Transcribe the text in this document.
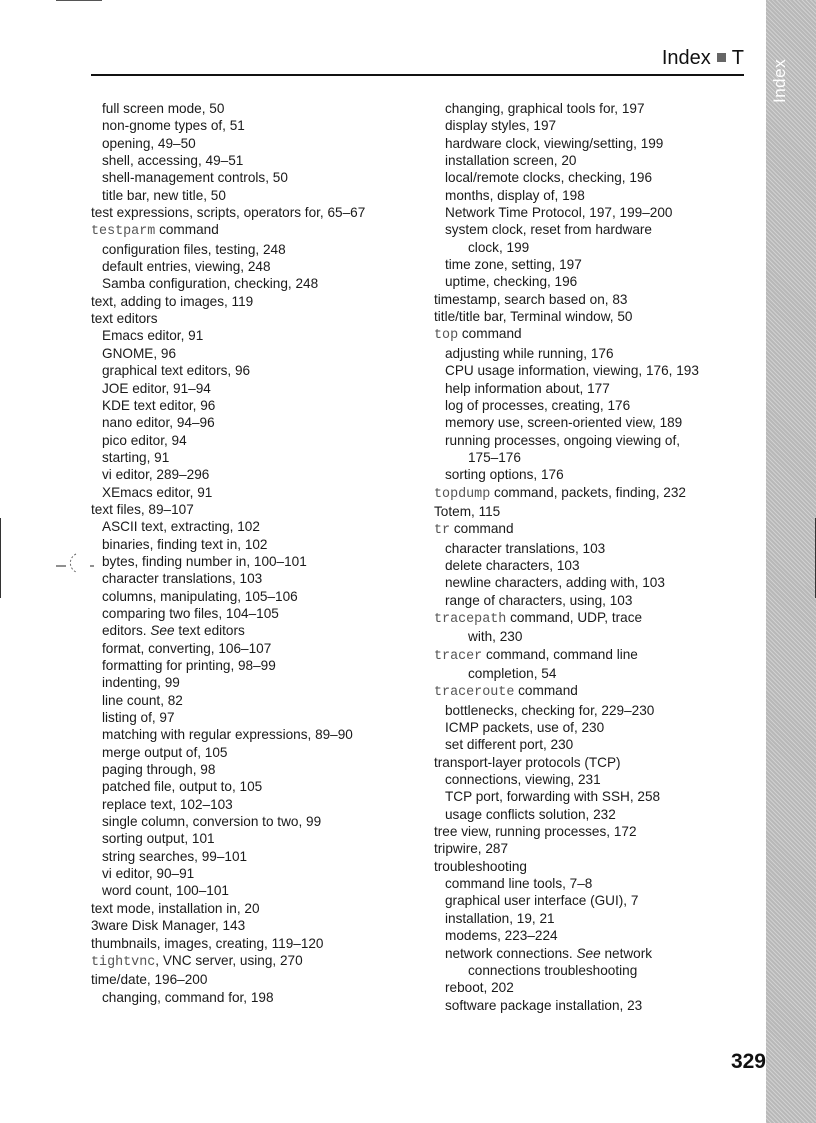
Index
Index T
full screen mode, 50
non-gnome types of, 51
opening, 49–50
shell, accessing, 49–51
shell-management controls, 50
title bar, new title, 50
test expressions, scripts, operators for, 65–67
testparm command
configuration files, testing, 248
default entries, viewing, 248
Samba configuration, checking, 248
text, adding to images, 119
text editors
Emacs editor, 91
GNOME, 96
graphical text editors, 96
JOE editor, 91–94
KDE text editor, 96
nano editor, 94–96
pico editor, 94
starting, 91
vi editor, 289–296
XEmacs editor, 91
text files, 89–107
ASCII text, extracting, 102
binaries, finding text in, 102
bytes, finding number in, 100–101
character translations, 103
columns, manipulating, 105–106
comparing two files, 104–105
editors. See text editors
format, converting, 106–107
formatting for printing, 98–99
indenting, 99
line count, 82
listing of, 97
matching with regular expressions, 89–90
merge output of, 105
paging through, 98
patched file, output to, 105
replace text, 102–103
single column, conversion to two, 99
sorting output, 101
string searches, 99–101
vi editor, 90–91
word count, 100–101
text mode, installation in, 20
3ware Disk Manager, 143
thumbnails, images, creating, 119–120
tightvnc, VNC server, using, 270
time/date, 196–200
changing, command for, 198
changing, graphical tools for, 197
display styles, 197
hardware clock, viewing/setting, 199
installation screen, 20
local/remote clocks, checking, 196
months, display of, 198
Network Time Protocol, 197, 199–200
system clock, reset from hardware
clock, 199
time zone, setting, 197
uptime, checking, 196
timestamp, search based on, 83
title/title bar, Terminal window, 50
top command
adjusting while running, 176
CPU usage information, viewing, 176, 193
help information about, 177
log of processes, creating, 176
memory use, screen-oriented view, 189
running processes, ongoing viewing of,
175–176
sorting options, 176
topdump command, packets, finding, 232
Totem, 115
tr command
character translations, 103
delete characters, 103
newline characters, adding with, 103
range of characters, using, 103
tracepath command, UDP, trace
with, 230
tracer command, command line
completion, 54
traceroute command
bottlenecks, checking for, 229–230
ICMP packets, use of, 230
set different port, 230
transport-layer protocols (TCP)
connections, viewing, 231
TCP port, forwarding with SSH, 258
usage conflicts solution, 232
tree view, running processes, 172
tripwire, 287
troubleshooting
command line tools, 7–8
graphical user interface (GUI), 7
installation, 19, 21
modems, 223–224
network connections. See network
connections troubleshooting
reboot, 202
software package installation, 23
329
